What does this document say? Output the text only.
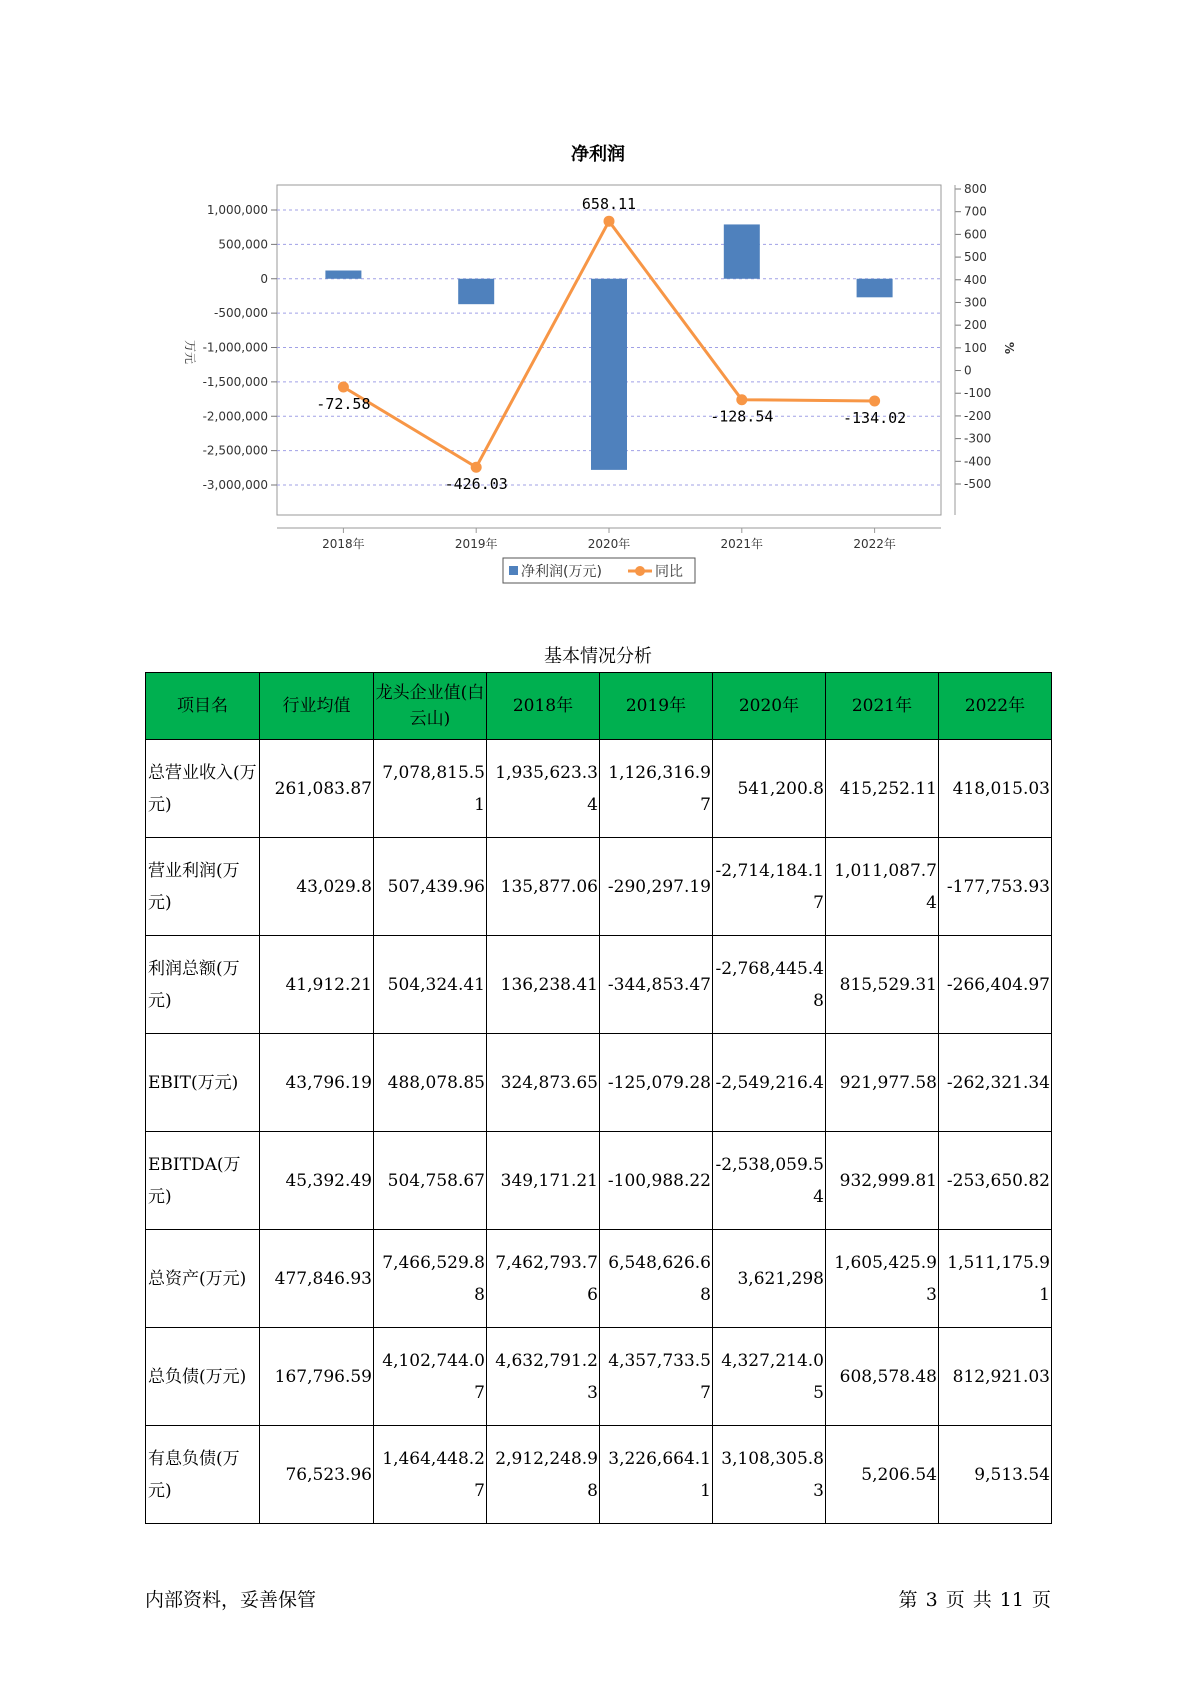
净利润
1,000,000
500,000
0
-500,000
-1,000,000
-1,500,000
-2,000,000
-2,500,000
-3,000,000
800
700
600
500
400
300
200
100
0
-100
-200
-300
-400
-500
-72.58
-426.03
658.11
-128.54	-134.02
2018年	2019年	2020年	2021年	2022年
万元	%
净利润(万元)	同比
基本情况分析
项目名	行业均值	龙头企业值(白云山)	2018年	2019年	2020年	2021年	2022年
总营业收入(万元)	261,083.87	7,078,815.51	1,935,623.34	1,126,316.97	541,200.8	415,252.11	418,015.03
营业利润(万元)	43,029.8	507,439.96	135,877.06	-290,297.19	-2,714,184.17	1,011,087.74	-177,753.93
利润总额(万元)	41,912.21	504,324.41	136,238.41	-344,853.47	-2,768,445.48	815,529.31	-266,404.97
EBIT(万元)	43,796.19	488,078.85	324,873.65	-125,079.28	-2,549,216.4	921,977.58	-262,321.34
EBITDA(万元)	45,392.49	504,758.67	349,171.21	-100,988.22	-2,538,059.54	932,999.81	-253,650.82
总资产(万元)	477,846.93	7,466,529.88	7,462,793.76	6,548,626.68	3,621,298	1,605,425.93	1,511,175.91
总负债(万元)	167,796.59	4,102,744.07	4,632,791.23	4,357,733.57	4,327,214.05	608,578.48	812,921.03
有息负债(万元)	76,523.96	1,464,448.27	2,912,248.98	3,226,664.11	3,108,305.83	5,206.54	9,513.54
内部资料，妥善保管	第 3 页 共 11 页
